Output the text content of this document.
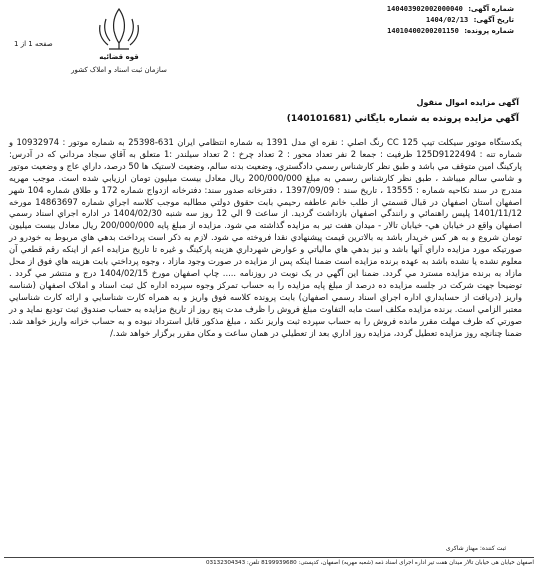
صفحه 1 از 1
قوه قضائیه
سازمان ثبت اسناد و املاک کشور
شماره آگهی: 140403902002000040
تاریخ آگهی: 1404/02/13
شماره پرونده: 14010400200201150
آگهی مزایده اموال منقول
آگهي مزايده پرونده به شماره بايگاني (140101681)
يکدستگاه موتور سيکلت تيپ 125 CC رنگ اصلي : نقره اي مدل 1391 به شماره انتظامي ايران 631-25398 به شماره موتور : 10932974 و شماره تنه : 125D9122494 ظرفيت : جمعا 2 نفر تعداد محور : 2 تعداد چرخ : 2 تعداد سيلندر :1 متعلق به آقاي سجاد مرداني که در آدرس: پارکينگ امين متوقف مي باشد و طبق نظر کارشناس رسمي دادگستري، وضعيت بدنه سالم، وضعيت لاستيک ها 50 درصد، داراي عاج و وضعيت موتور و شاسي سالم ميباشد ، طبق نظر کارشناس رسمي به مبلغ 200/000/000 ريال معادل بيست ميليون تومان ارزيابي شده است. موجب مهريه مندرج در سند نکاحيه شماره : 13555 ، تاريخ سند : 1397/09/09 ، دفترخانه صدور سند: دفترخانه ازدواج شماره 172 و طلاق شماره 104 شهر اصفهان استان اصفهان در قبال قسمتي از طلب خانم عاطفه رحيمي بابت حقوق دولتي مطالبه موجب کلاسه اجراي شماره 14863697 مورخه 1401/11/12 پليس راهنمائي و رانندگي اصفهان بازداشت گرديد. از ساعت 9 الي 12 روز سه شنبه 1404/02/30 در اداره اجراي اسناد رسمي اصفهان واقع در خيابان هي- خيابان تالار - ميدان هفت تير به مزايده گذاشته مي شود. مزايده از مبلغ پايه 200/000/000 ريال معادل بيست ميليون تومان شروع و به هر کس خريدار باشد به بالاترين قيمت پيشنهادي نقدا فروخته مي شود. لازم به ذکر است پرداخت بدهي هاي مربوط به خودرو در صورتيکه مورد مزايده داراي آنها باشد و نيز بدهي هاي مالياتي و عوارض شهرداري هزينه پارکينگ و غيره تا تاريخ مزايده اعم از اينکه رقم قطعي آن معلوم نشده يا نشده باشد به عهده برنده مزايده است ضمنا اينکه پس از مزايده در صورت وجود مازاد ، وجوه پرداختي بابت هزينه هاي فوق از محل مازاد به برنده مزايده مسترد مي گردد. ضمنا اين آگهي در يک نوبت در روزنامه ..... چاپ اصفهان مورخ 1404/02/15 درج و منتشر مي گردد . توضيحا جهت شرکت در جلسه مزايده ده درصد از مبلغ پايه مزايده را به حساب تمرکز وجوه سپرده اداره کل ثبت اسناد و املاک اصفهان (شناسه واريز (دريافت از حسابداري اداره اجراي اسناد رسمي اصفهان) بابت پرونده کلاسه فوق واريز و به همراه کارت شناسايي و ارائه کارت شناسايي معتبر الزامي است. برنده مزايده مکلف است مابه التفاوت مبلغ فروش را ظرف مدت پنج روز از تاريخ مزايده به حساب صندوق ثبت توديع نمايد و در صورتي که ظرف مهلت مقرر مانده فروش را به حساب سپرده ثبت واريز نکند ، مبلغ مذکور قابل استرداد نبوده و به حساب خزانه واريز خواهد شد. ضمنا چنانچه روز مزايده تعطيل گردد، مزايده روز اداري بعد از تعطيلي در همان ساعت و مکان مقرر برگزار خواهد شد./
ثبت کننده: مهناز شاکری
اصفهان خیابان هی خیابان تالار میدان هفت تیر اداره اجرای اسناد ذمه (شعبه مهریه) اصفهان، کدپستی: 8199939680 تلفن: 03132304343
